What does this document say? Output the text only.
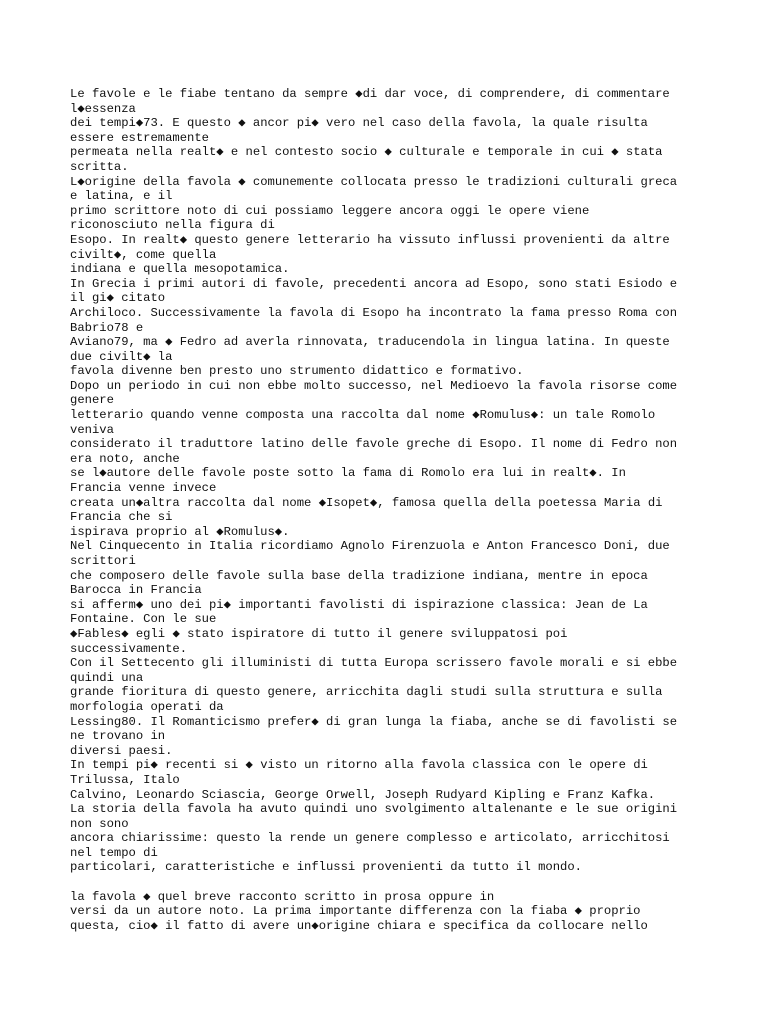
Le favole e le fiabe tentano da sempre ◆di dar voce, di comprendere, di commentare
l◆essenza
dei tempi◆73. E questo ◆ ancor pi◆ vero nel caso della favola, la quale risulta
essere estremamente
permeata nella realt◆ e nel contesto socio ◆ culturale e temporale in cui ◆ stata
scritta.
L◆origine della favola ◆ comunemente collocata presso le tradizioni culturali greca
e latina, e il
primo scrittore noto di cui possiamo leggere ancora oggi le opere viene
riconosciuto nella figura di
Esopo. In realt◆ questo genere letterario ha vissuto influssi provenienti da altre
civilt◆, come quella
indiana e quella mesopotamica.
In Grecia i primi autori di favole, precedenti ancora ad Esopo, sono stati Esiodo e
il gi◆ citato
Archiloco. Successivamente la favola di Esopo ha incontrato la fama presso Roma con
Babrio78 e
Aviano79, ma ◆ Fedro ad averla rinnovata, traducendola in lingua latina. In queste
due civilt◆ la
favola divenne ben presto uno strumento didattico e formativo.
Dopo un periodo in cui non ebbe molto successo, nel Medioevo la favola risorse come
genere
letterario quando venne composta una raccolta dal nome ◆Romulus◆: un tale Romolo
veniva
considerato il traduttore latino delle favole greche di Esopo. Il nome di Fedro non
era noto, anche
se l◆autore delle favole poste sotto la fama di Romolo era lui in realt◆. In
Francia venne invece
creata un◆altra raccolta dal nome ◆Isopet◆, famosa quella della poetessa Maria di
Francia che si
ispirava proprio al ◆Romulus◆.
Nel Cinquecento in Italia ricordiamo Agnolo Firenzuola e Anton Francesco Doni, due
scrittori
che composero delle favole sulla base della tradizione indiana, mentre in epoca
Barocca in Francia
si afferm◆ uno dei pi◆ importanti favolisti di ispirazione classica: Jean de La
Fontaine. Con le sue
◆Fables◆ egli ◆ stato ispiratore di tutto il genere sviluppatosi poi
successivamente.
Con il Settecento gli illuministi di tutta Europa scrissero favole morali e si ebbe
quindi una
grande fioritura di questo genere, arricchita dagli studi sulla struttura e sulla
morfologia operati da
Lessing80. Il Romanticismo prefer◆ di gran lunga la fiaba, anche se di favolisti se
ne trovano in
diversi paesi.
In tempi pi◆ recenti si ◆ visto un ritorno alla favola classica con le opere di
Trilussa, Italo
Calvino, Leonardo Sciascia, George Orwell, Joseph Rudyard Kipling e Franz Kafka.
La storia della favola ha avuto quindi uno svolgimento altalenante e le sue origini
non sono
ancora chiarissime: questo la rende un genere complesso e articolato, arricchitosi
nel tempo di
particolari, caratteristiche e influssi provenienti da tutto il mondo.
la favola ◆ quel breve racconto scritto in prosa oppure in
versi da un autore noto. La prima importante differenza con la fiaba ◆ proprio
questa, cio◆ il fatto di avere un◆origine chiara e specifica da collocare nello
